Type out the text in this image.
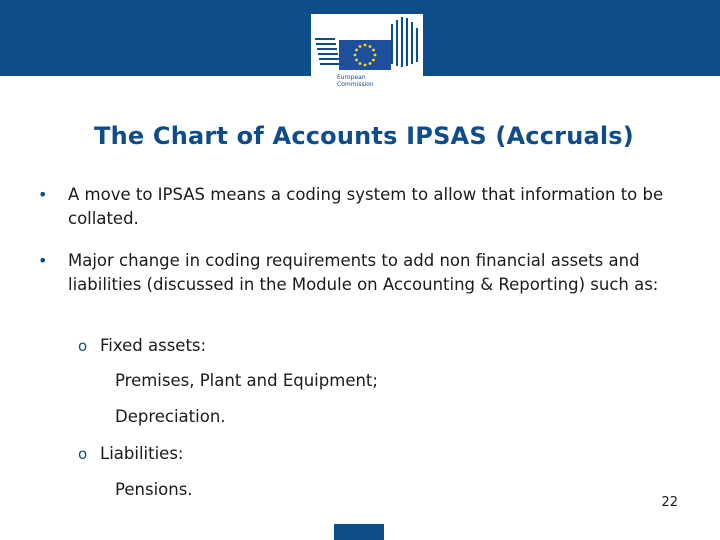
European
Commission
The Chart of Accounts IPSAS (Accruals)
• A move to IPSAS means a coding system to allow that information to be collated.
• Major change in coding requirements to add non financial assets and liabilities (discussed in the Module on Accounting & Reporting) such as:
o Fixed assets:
Premises, Plant and Equipment;
Depreciation.
o Liabilities:
Pensions.
22
